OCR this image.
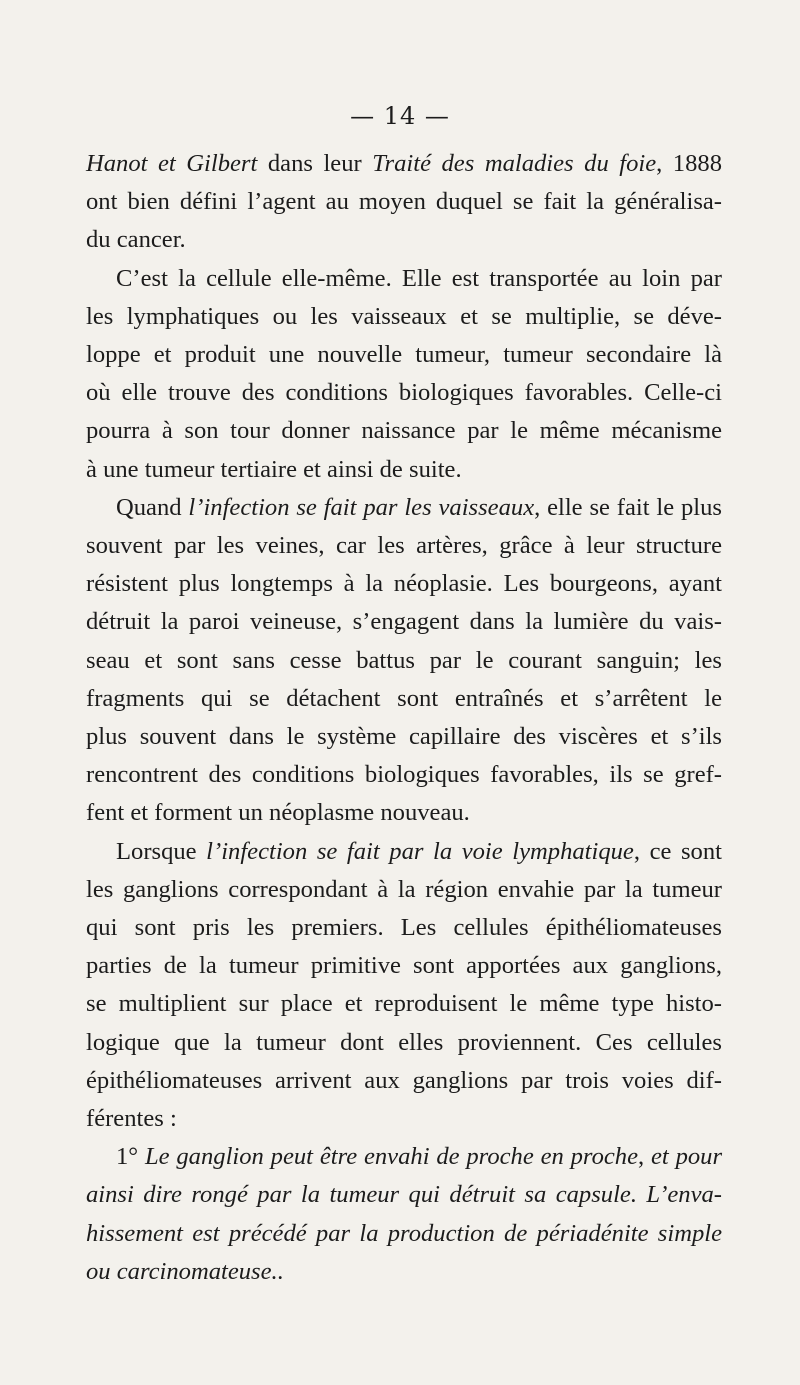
— 14 —
Hanot et Gilbert dans leur Traité des maladies du foie, 1888
ont bien défini l’agent au moyen duquel se fait la généralisa-
du cancer.
C’est la cellule elle-même. Elle est transportée au loin par
les lymphatiques ou les vaisseaux et se multiplie, se déve-
loppe et produit une nouvelle tumeur, tumeur secondaire là
où elle trouve des conditions biologiques favorables. Celle-ci
pourra à son tour donner naissance par le même mécanisme
à une tumeur tertiaire et ainsi de suite.
Quand l’infection se fait par les vaisseaux, elle se fait le plus
souvent par les veines, car les artères, grâce à leur structure
résistent plus longtemps à la néoplasie. Les bourgeons, ayant
détruit la paroi veineuse, s’engagent dans la lumière du vais-
seau et sont sans cesse battus par le courant sanguin; les
fragments qui se détachent sont entraînés et s’arrêtent le
plus souvent dans le système capillaire des viscères et s’ils
rencontrent des conditions biologiques favorables, ils se gref-
fent et forment un néoplasme nouveau.
Lorsque l’infection se fait par la voie lymphatique, ce sont
les ganglions correspondant à la région envahie par la tumeur
qui sont pris les premiers. Les cellules épithéliomateuses
parties de la tumeur primitive sont apportées aux ganglions,
se multiplient sur place et reproduisent le même type histo-
logique que la tumeur dont elles proviennent. Ces cellules
épithéliomateuses arrivent aux ganglions par trois voies dif-
férentes :
1° Le ganglion peut être envahi de proche en proche, et pour
ainsi dire rongé par la tumeur qui détruit sa capsule. L’enva-
hissement est précédé par la production de périadénite simple
ou carcinomateuse..
